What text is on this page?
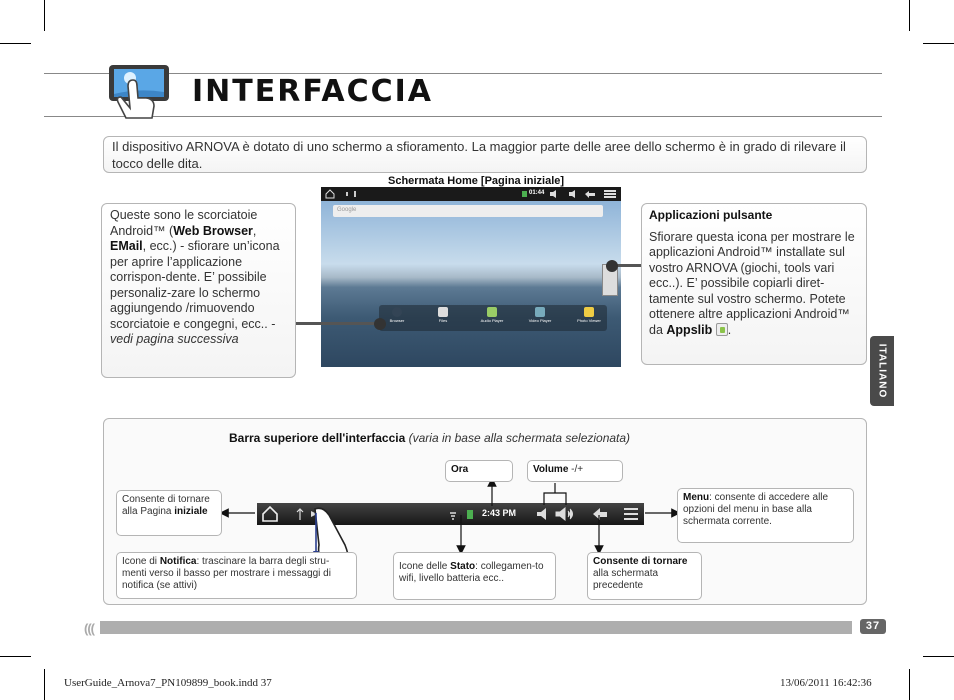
INTERFACCIA
Il dispositivo ARNOVA è dotato di uno schermo a sfioramento. La maggior parte delle aree dello schermo è in grado di rilevare il tocco delle dita.
Schermata Home [Pagina iniziale]
01:44
Google
Browser	Files	Audio Player	Video Player	Photo Viewer
Queste sono le scorciatoie Android™ (Web Browser, EMail, ecc.) - sfiorare un’icona per aprire l’applicazione corrispon-dente. E’ possibile personaliz-zare lo schermo aggiungendo /rimuovendo scorciatoie e congegni, ecc.. - vedi pagina successiva
Applicazioni pulsante
Sfiorare questa icona per mostrare le applicazioni Android™ installate sul vostro ARNOVA (giochi, tools vari ecc..). E’ possibile copiarli diret-tamente sul vostro schermo. Potete ottenere altre applicazioni Android™ da Appslib .
ITALIANO
Barra superiore dell'interfaccia (varia in base alla schermata selezionata)
2:43 PM
Ora	Volume -/+
Consente di tornare alla Pagina iniziale
Menu: consente di accedere alle opzioni del menu in base alla schermata corrente.
Icone di Notifica: trascinare la barra degli stru-menti verso il basso per mostrare i messaggi di notifica (se attivi)
Icone delle Stato: collegamen-to wifi, livello batteria ecc..
Consente di tornare
alla schermata precedente
(((	37
UserGuide_Arnova7_PN109899_book.indd 37	13/06/2011 16:42:36
